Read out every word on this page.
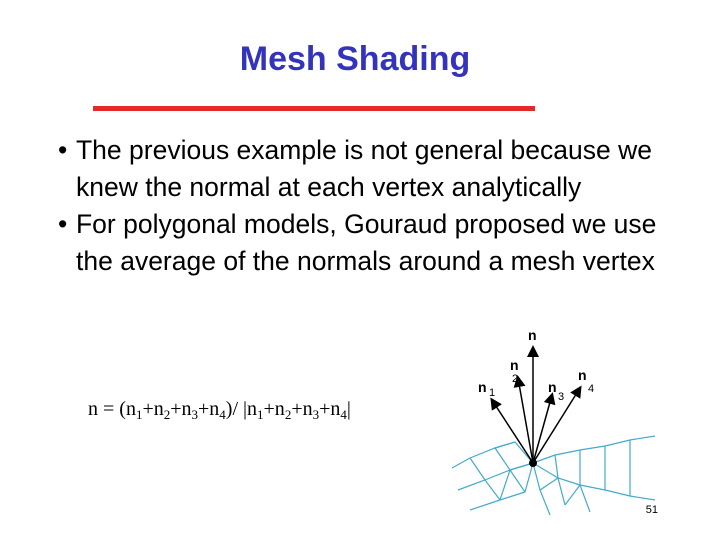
Mesh Shading
• The previous example is not general because we knew the normal at each vertex analytically
• For polygonal models, Gouraud proposed we use the average of the normals around a mesh vertex
$n = (n_1+n_2+n_3+n_4)/$ $|n_1+n_2+n_3+n_4|$
n
n 1
n
2 n
3
n
4
51
